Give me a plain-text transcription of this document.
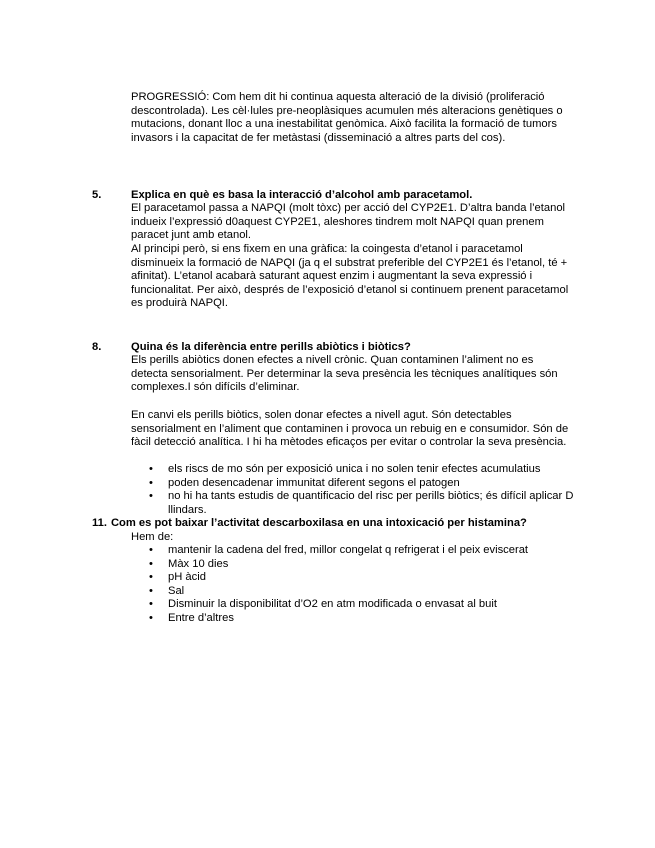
PROGRESSIÓ: Com hem dit hi continua aquesta alteració de la divisió (proliferació descontrolada). Les cèl·lules pre-neoplàsiques acumulen més alteracions genètiques o mutacions, donant lloc a una inestabilitat genòmica. Això facilita la formació de tumors invasors i la capacitat de fer metàstasi (disseminació a altres parts del cos).

5.	Explica en què es basa la interacció d’alcohol amb paracetamol.

El paracetamol passa a NAPQI (molt tòxc) per acció del CYP2E1. D’altra banda l’etanol indueix l’expressió d0aquest CYP2E1, aleshores tindrem molt NAPQI quan prenem paracet junt amb etanol.

Al principi però, si ens fixem en una gràfica: la coingesta d’etanol i paracetamol disminueix la formació de NAPQI (ja q el substrat preferible del CYP2E1 és l’etanol, té + afinitat). L’etanol acabarà saturant aquest enzim i augmentant la seva expressió i funcionalitat. Per això, després de l’exposició d’etanol si continuem prenent paracetamol es produirà NAPQI.

8.	Quina és la diferència entre perills abiòtics i biòtics?

Els perills abiòtics donen efectes a nivell crònic. Quan contaminen l’aliment no es detecta sensorialment. Per determinar la seva presència les tècniques analítiques són complexes.I són difícils d’eliminar.

En canvi els perills biòtics, solen donar efectes a nivell agut. Són detectables sensorialment en l’aliment que contaminen i provoca un rebuig en e consumidor. Són de fàcil detecció analítica. I hi ha mètodes eficaços per evitar o controlar la seva presència.

• els riscs de mo són per exposició unica i no solen tenir efectes acumulatius
• poden desencadenar immunitat diferent segons el patogen
• no hi ha tants estudis de quantificacio del risc per perills biòtics; és difícil aplicar D llindars.

11. Com es pot baixar l’activitat descarboxilasa en una intoxicació per histamina?

Hem de:

• mantenir la cadena del fred, millor congelat q refrigerat i el peix eviscerat
• Màx 10 dies
• pH àcid
• Sal
• Disminuir la disponibilitat d’O2 en atm modificada o envasat al buit
• Entre d’altres
